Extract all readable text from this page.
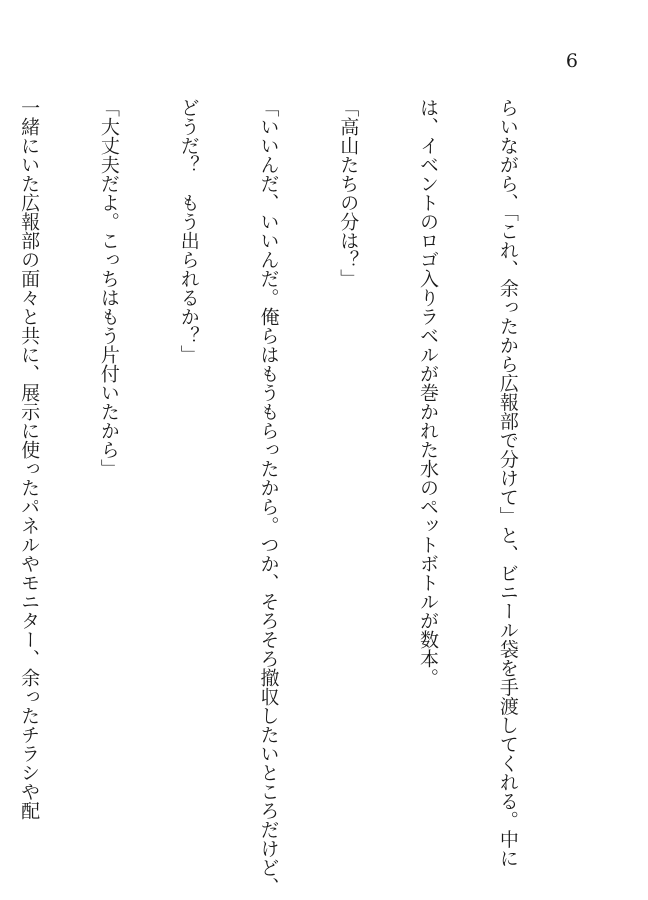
6

らいながら、「これ、余ったから広報部で分けて」と、ビニール袋を手渡してくれる。中に

は、イベントのロゴ入りラベルが巻かれた水のペットボトルが数本。

「高山たちの分は？」

「いいんだ、いいんだ。俺らはもうもらったから。つか、そろそろ撤収したいところだけど、

どうだ？　もう出られるか？」

「大丈夫だよ。こっちはもう片付いたから」

一緒にいた広報部の面々と共に、展示に使ったパネルやモニター、余ったチラシや配
